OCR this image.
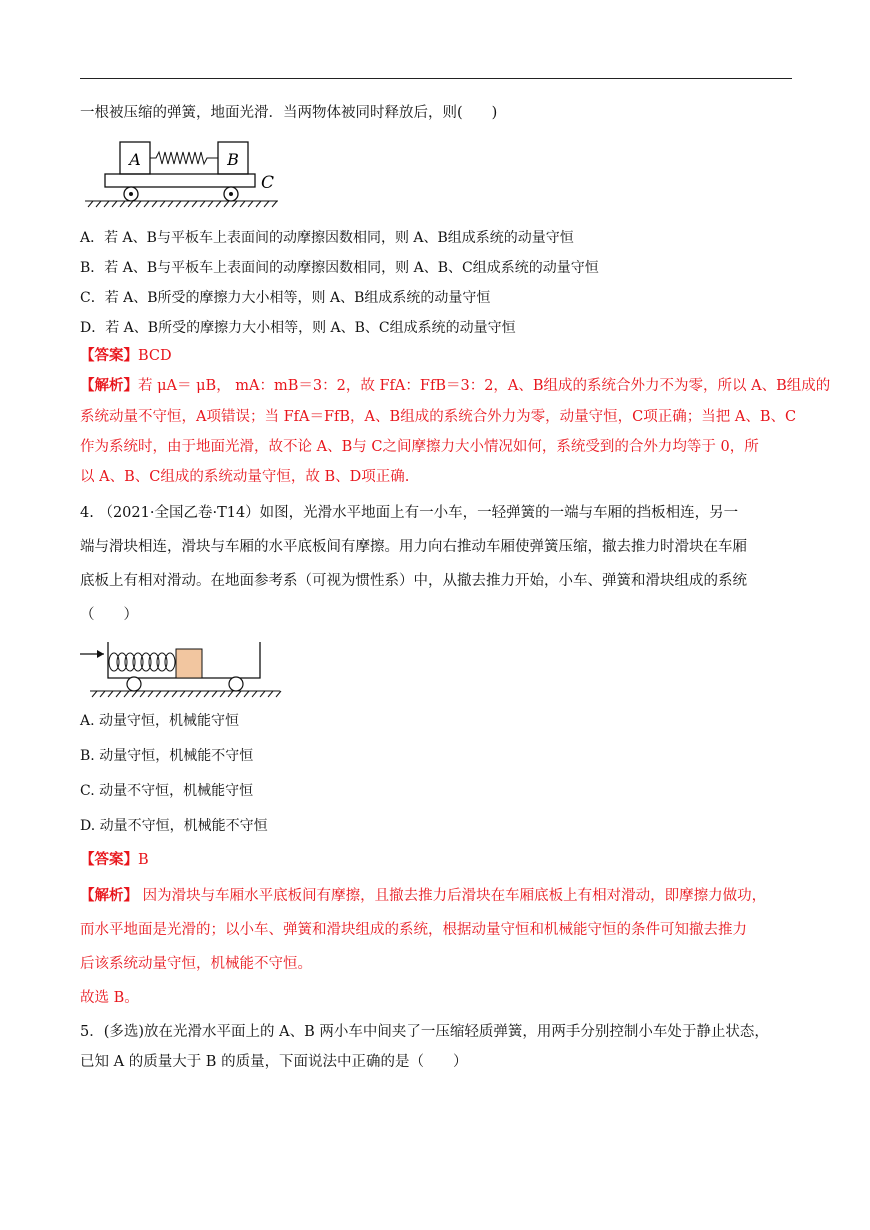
一根被压缩的弹簧，地面光滑．当两物体被同时释放后，则(　　)
A	B
C
A．若 A、B与平板车上表面间的动摩擦因数相同，则 A、B组成系统的动量守恒
B．若 A、B与平板车上表面间的动摩擦因数相同，则 A、B、C组成系统的动量守恒
C．若 A、B所受的摩擦力大小相等，则 A、B组成系统的动量守恒
D．若 A、B所受的摩擦力大小相等，则 A、B、C组成系统的动量守恒
【答案】BCD
【解析】若 μA＝ μB， mA：mB＝3：2，故 FfA：FfB＝3：2，A、B组成的系统合外力不为零，所以 A、B组成的
系统动量不守恒，A项错误；当 FfA＝FfB，A、B组成的系统合外力为零，动量守恒，C项正确；当把 A、B、C
作为系统时，由于地面光滑，故不论 A、B与 C之间摩擦力大小情况如何，系统受到的合外力均等于 0，所
以 A、B、C组成的系统动量守恒，故 B、D项正确.
4. （2021·全国乙卷·T14）如图，光滑水平地面上有一小车，一轻弹簧的一端与车厢的挡板相连，另一
端与滑块相连，滑块与车厢的水平底板间有摩擦。用力向右推动车厢使弹簧压缩，撤去推力时滑块在车厢
底板上有相对滑动。在地面参考系（可视为惯性系）中，从撤去推力开始，小车、弹簧和滑块组成的系统
（　　）
A. 动量守恒，机械能守恒
B. 动量守恒，机械能不守恒
C. 动量不守恒，机械能守恒
D. 动量不守恒，机械能不守恒
【答案】B
【解析】 因为滑块与车厢水平底板间有摩擦，且撤去推力后滑块在车厢底板上有相对滑动，即摩擦力做功，
而水平地面是光滑的；以小车、弹簧和滑块组成的系统，根据动量守恒和机械能守恒的条件可知撤去推力
后该系统动量守恒，机械能不守恒。
故选 B。
5．(多选)放在光滑水平面上的 A、B 两小车中间夹了一压缩轻质弹簧，用两手分别控制小车处于静止状态，
已知 A 的质量大于 B 的质量，下面说法中正确的是（　　）
